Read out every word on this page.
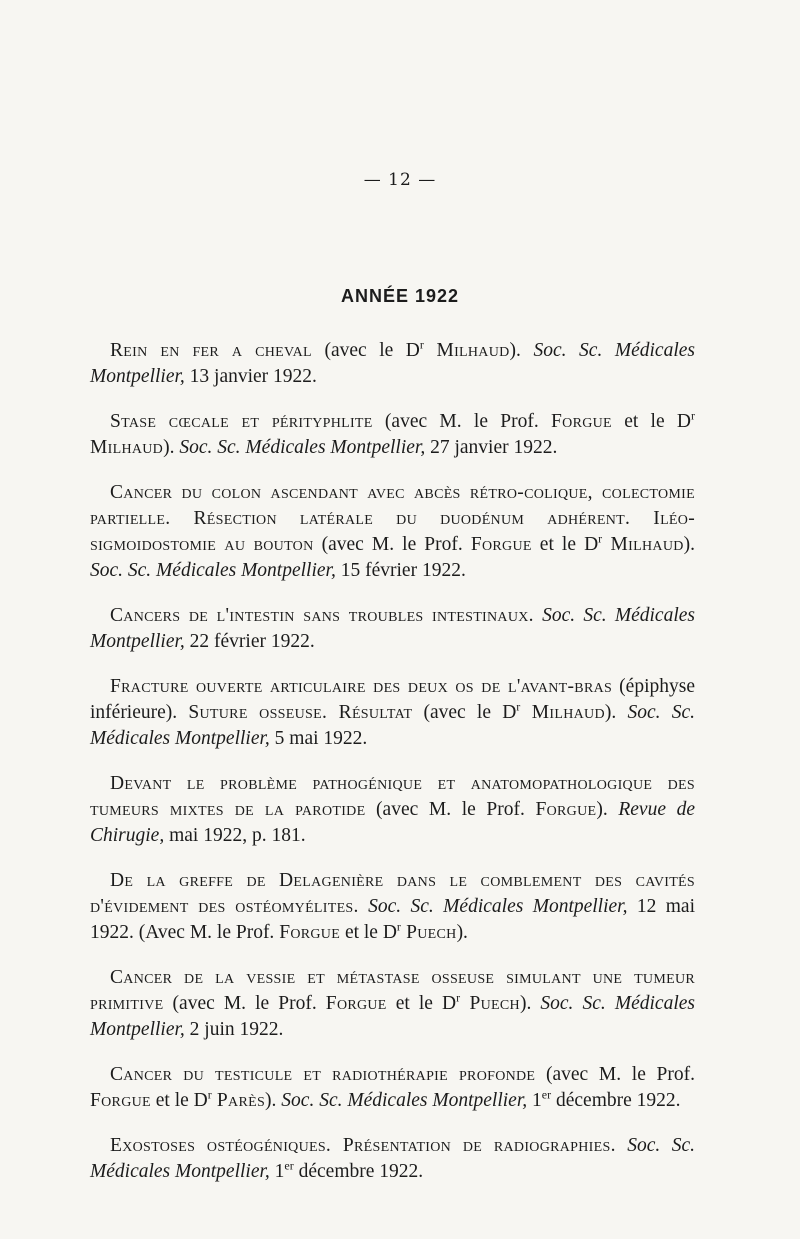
— 12 —
ANNÉE 1922

Rein en fer a cheval (avec le $D^r$ Milhaud). Soc. Sc. Médicales Montpellier, 13 janvier 1922.

Stase cœcale et pérityphlite (avec M. le Prof. Forgue et le $D^r$ Milhaud). Soc. Sc. Médicales Montpellier, 27 janvier 1922.

Cancer du colon ascendant avec abcès rétro-colique, colectomie partielle. Résection latérale du duodénum adhérent. Iléo-sigmoidostomie au bouton (avec M. le Prof. Forgue et le $D^r$ Milhaud). Soc. Sc. Médicales Montpellier, 15 février 1922.

Cancers de l'intestin sans troubles intestinaux. Soc. Sc. Médicales Montpellier, 22 février 1922.

Fracture ouverte articulaire des deux os de l'avant-bras (épiphyse inférieure). Suture osseuse. Résultat (avec le $D^r$ Milhaud). Soc. Sc. Médicales Montpellier, 5 mai 1922.

Devant le problème pathogénique et anatomopathologique des tumeurs mixtes de la parotide (avec M. le Prof. Forgue). Revue de Chirugie, mai 1922, p. 181.

De la greffe de Delagenière dans le comblement des cavités d'évidement des ostéomyélites. Soc. Sc. Médicales Montpellier, 12 mai 1922. (Avec M. le Prof. Forgue et le $D^r$ Puech).

Cancer de la vessie et métastase osseuse simulant une tumeur primitive (avec M. le Prof. Forgue et le $D^r$ Puech). Soc. Sc. Médicales Montpellier, 2 juin 1922.

Cancer du testicule et radiothérapie profonde (avec M. le Prof. Forgue et le $D^r$ Parès). Soc. Sc. Médicales Montpellier, 1er décembre 1922.

Exostoses ostéogéniques. Présentation de radiographies. Soc. Sc. Médicales Montpellier, 1er décembre 1922.
